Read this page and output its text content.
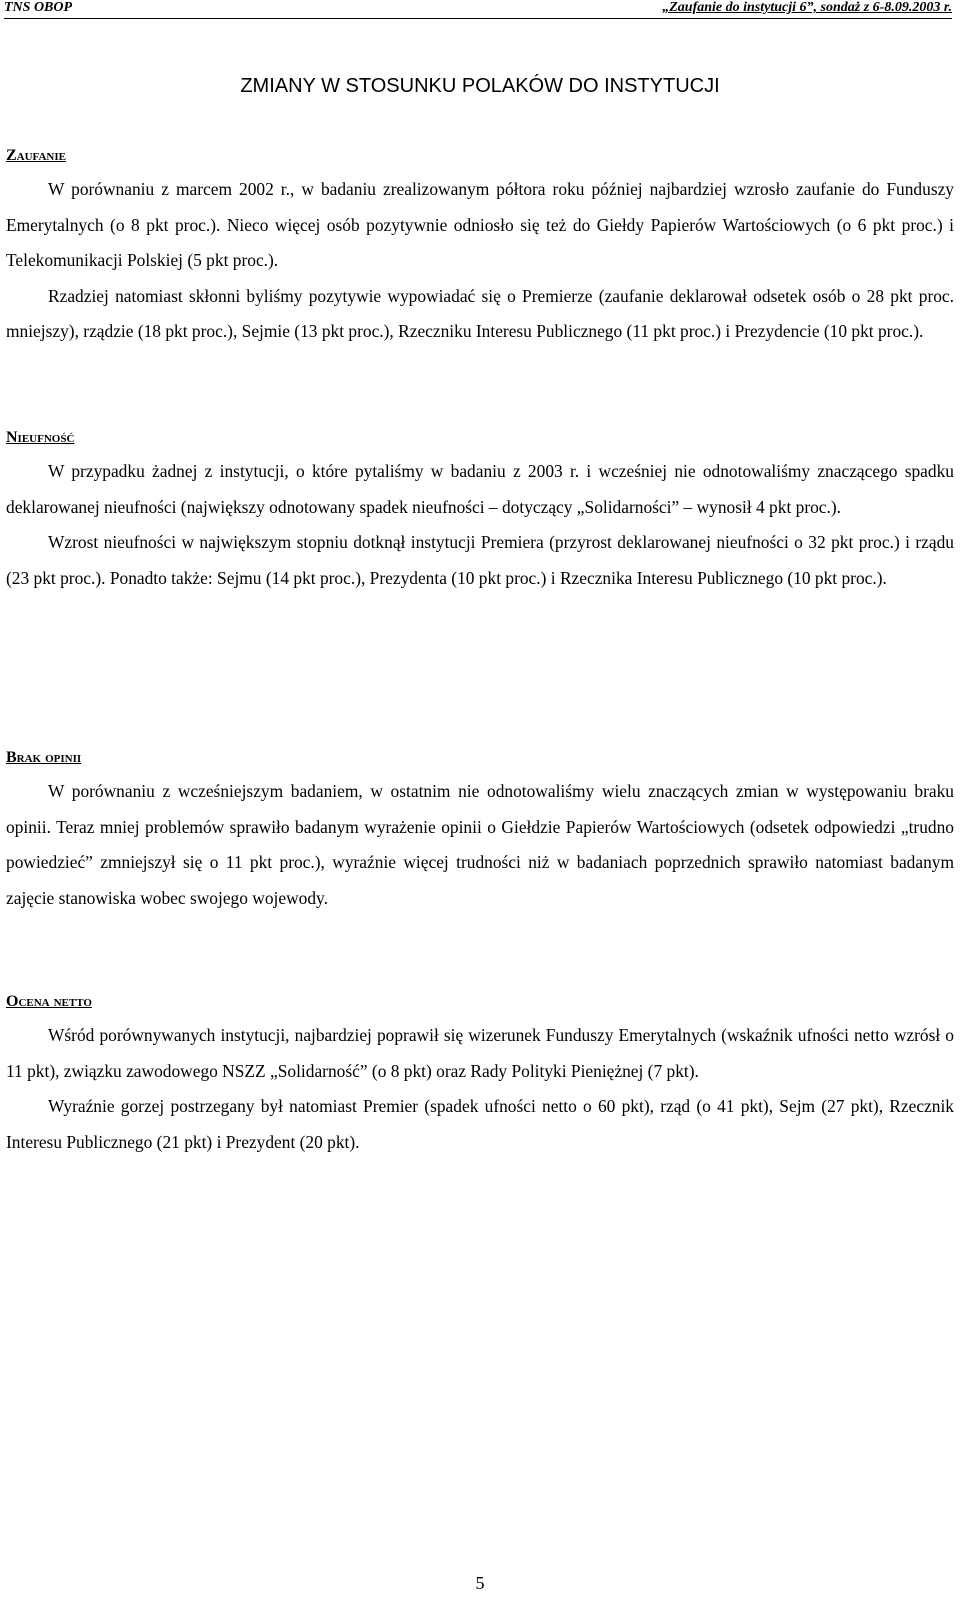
TNS OBOP	„Zaufanie do instytucji 6”, sondaż z 6-8.09.2003 r.
ZMIANY W STOSUNKU POLAKÓW DO INSTYTUCJI
Zaufanie

W porównaniu z marcem 2002 r., w badaniu zrealizowanym półtora roku później najbardziej wzrosło zaufanie do Funduszy Emerytalnych (o 8 pkt proc.). Nieco więcej osób pozytywnie odniosło się też do Giełdy Papierów Wartościowych (o 6 pkt proc.) i Telekomunikacji Polskiej (5 pkt proc.).

Rzadziej natomiast skłonni byliśmy pozytywie wypowiadać się o Premierze (zaufanie deklarował odsetek osób o 28 pkt proc. mniejszy), rządzie (18 pkt proc.), Sejmie (13 pkt proc.), Rzeczniku Interesu Publicznego (11 pkt proc.) i Prezydencie (10 pkt proc.).

Nieufność

W przypadku żadnej z instytucji, o które pytaliśmy w badaniu z 2003 r. i wcześniej nie odnotowaliśmy znaczącego spadku deklarowanej nieufności (największy odnotowany spadek nieufności – dotyczący „Solidarności” – wynosił 4 pkt proc.).

Wzrost nieufności w największym stopniu dotknął instytucji Premiera (przyrost deklarowanej nieufności o 32 pkt proc.) i rządu (23 pkt proc.). Ponadto także: Sejmu (14 pkt proc.), Prezydenta (10 pkt proc.) i Rzecznika Interesu Publicznego (10 pkt proc.).

Brak opinii

W porównaniu z wcześniejszym badaniem, w ostatnim nie odnotowaliśmy wielu znaczących zmian w występowaniu braku opinii. Teraz mniej problemów sprawiło badanym wyrażenie opinii o Giełdzie Papierów Wartościowych (odsetek odpowiedzi „trudno powiedzieć” zmniejszył się o 11 pkt proc.), wyraźnie więcej trudności niż w badaniach poprzednich sprawiło natomiast badanym zajęcie stanowiska wobec swojego wojewody.

Ocena netto

Wśród porównywanych instytucji, najbardziej poprawił się wizerunek Funduszy Emerytalnych (wskaźnik ufności netto wzrósł o 11 pkt), związku zawodowego NSZZ „Solidarność” (o 8 pkt) oraz Rady Polityki Pieniężnej (7 pkt).

Wyraźnie gorzej postrzegany był natomiast Premier (spadek ufności netto o 60 pkt), rząd (o 41 pkt), Sejm (27 pkt), Rzecznik Interesu Publicznego (21 pkt) i Prezydent (20 pkt).

5
